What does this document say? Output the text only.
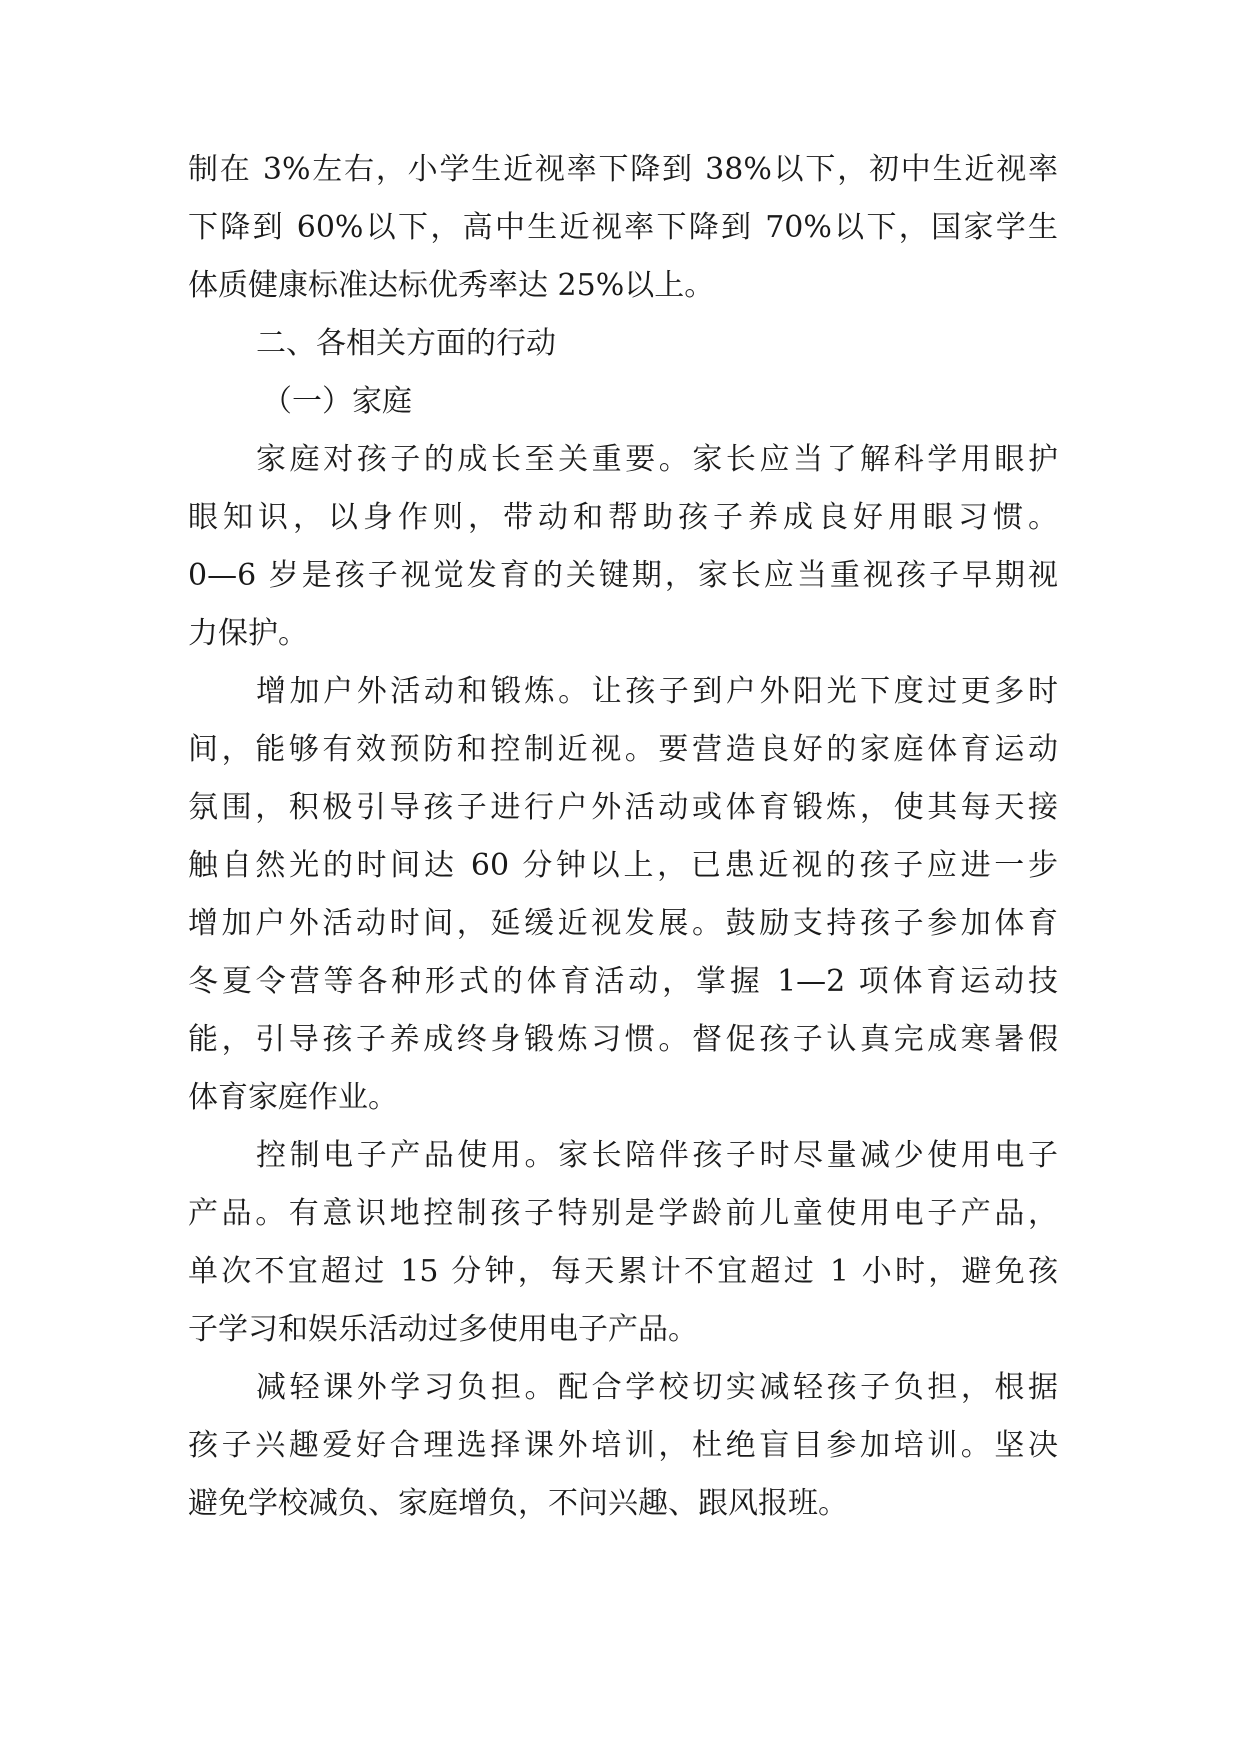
制在 3%左右，小学生近视率下降到 38%以下，初中生近视率
下降到 60%以下，高中生近视率下降到 70%以下，国家学生
体质健康标准达标优秀率达 25%以上。
二、各相关方面的行动
（一）家庭
家庭对孩子的成长至关重要。家长应当了解科学用眼护
眼知识，以身作则，带动和帮助孩子养成良好用眼习惯。
0—6 岁是孩子视觉发育的关键期，家长应当重视孩子早期视
力保护。
增加户外活动和锻炼。让孩子到户外阳光下度过更多时
间，能够有效预防和控制近视。要营造良好的家庭体育运动
氛围，积极引导孩子进行户外活动或体育锻炼，使其每天接
触自然光的时间达 60 分钟以上，已患近视的孩子应进一步
增加户外活动时间，延缓近视发展。鼓励支持孩子参加体育
冬夏令营等各种形式的体育活动，掌握 1—2 项体育运动技
能，引导孩子养成终身锻炼习惯。督促孩子认真完成寒暑假
体育家庭作业。
控制电子产品使用。家长陪伴孩子时尽量减少使用电子
产品。有意识地控制孩子特别是学龄前儿童使用电子产品，
单次不宜超过 15 分钟，每天累计不宜超过 1 小时，避免孩
子学习和娱乐活动过多使用电子产品。
减轻课外学习负担。配合学校切实减轻孩子负担，根据
孩子兴趣爱好合理选择课外培训，杜绝盲目参加培训。坚决
避免学校减负、家庭增负，不问兴趣、跟风报班。
